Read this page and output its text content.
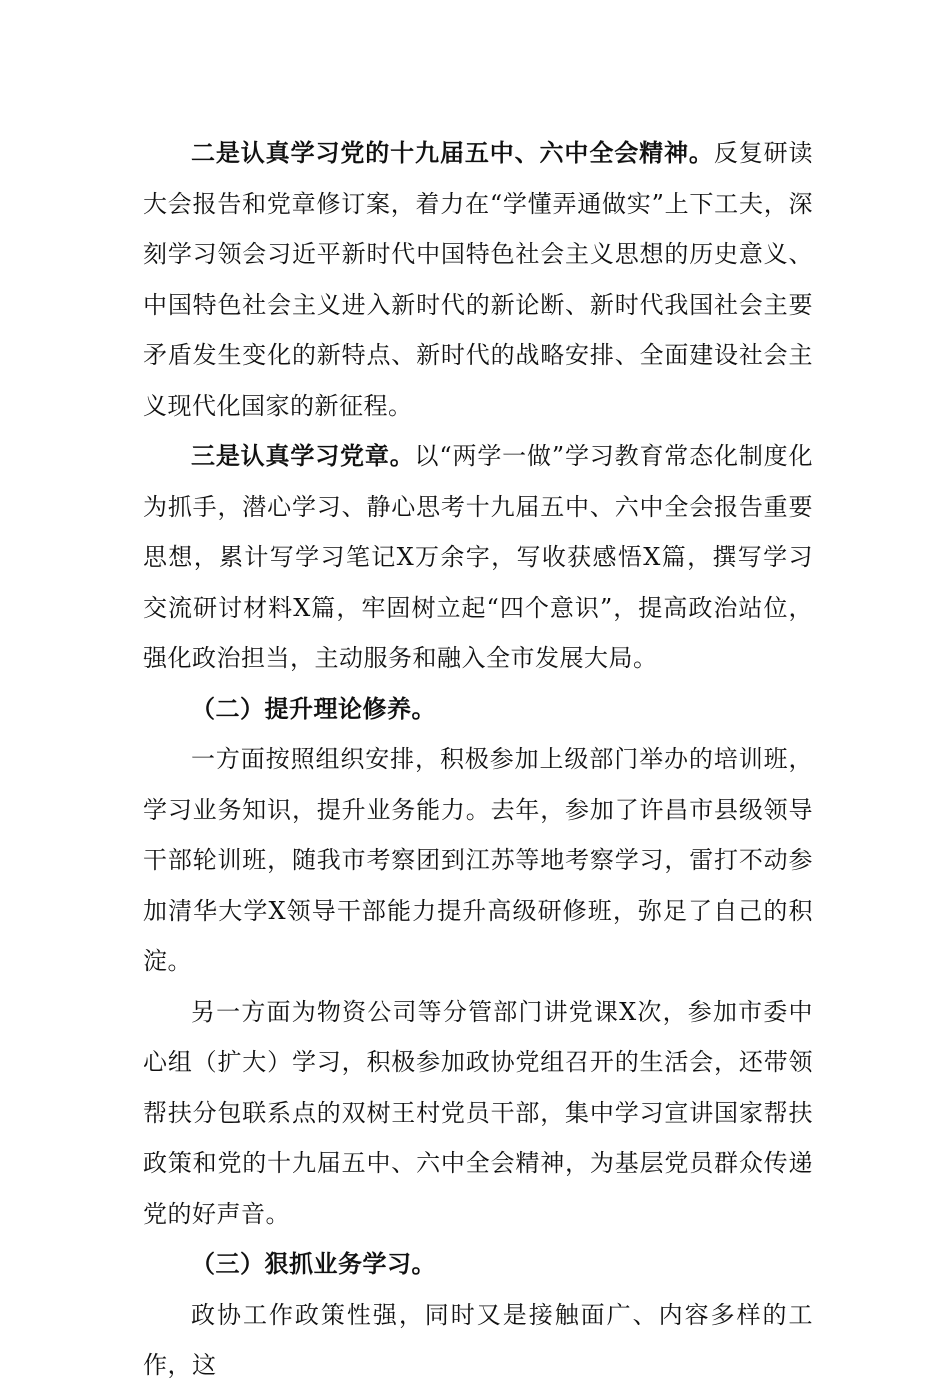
二是认真学习党的十九届五中、六中全会精神。反复研读大会报告和党章修订案，着力在“学懂弄通做实”上下工夫，深刻学习领会习近平新时代中国特色社会主义思想的历史意义、中国特色社会主义进入新时代的新论断、新时代我国社会主要矛盾发生变化的新特点、新时代的战略安排、全面建设社会主义现代化国家的新征程。

三是认真学习党章。以“两学一做”学习教育常态化制度化为抓手，潜心学习、静心思考十九届五中、六中全会报告重要思想，累计写学习笔记X万余字，写收获感悟X篇，撰写学习交流研讨材料X篇，牢固树立起“四个意识”，提高政治站位，强化政治担当，主动服务和融入全市发展大局。

（二）提升理论修养。

一方面按照组织安排，积极参加上级部门举办的培训班，学习业务知识，提升业务能力。去年，参加了许昌市县级领导干部轮训班，随我市考察团到江苏等地考察学习，雷打不动参加清华大学X领导干部能力提升高级研修班，弥足了自己的积淀。

另一方面为物资公司等分管部门讲党课X次，参加市委中心组（扩大）学习，积极参加政协党组召开的生活会，还带领帮扶分包联系点的双树王村党员干部，集中学习宣讲国家帮扶政策和党的十九届五中、六中全会精神，为基层党员群众传递党的好声音。

（三）狠抓业务学习。

政协工作政策性强，同时又是接触面广、内容多样的工作，这
